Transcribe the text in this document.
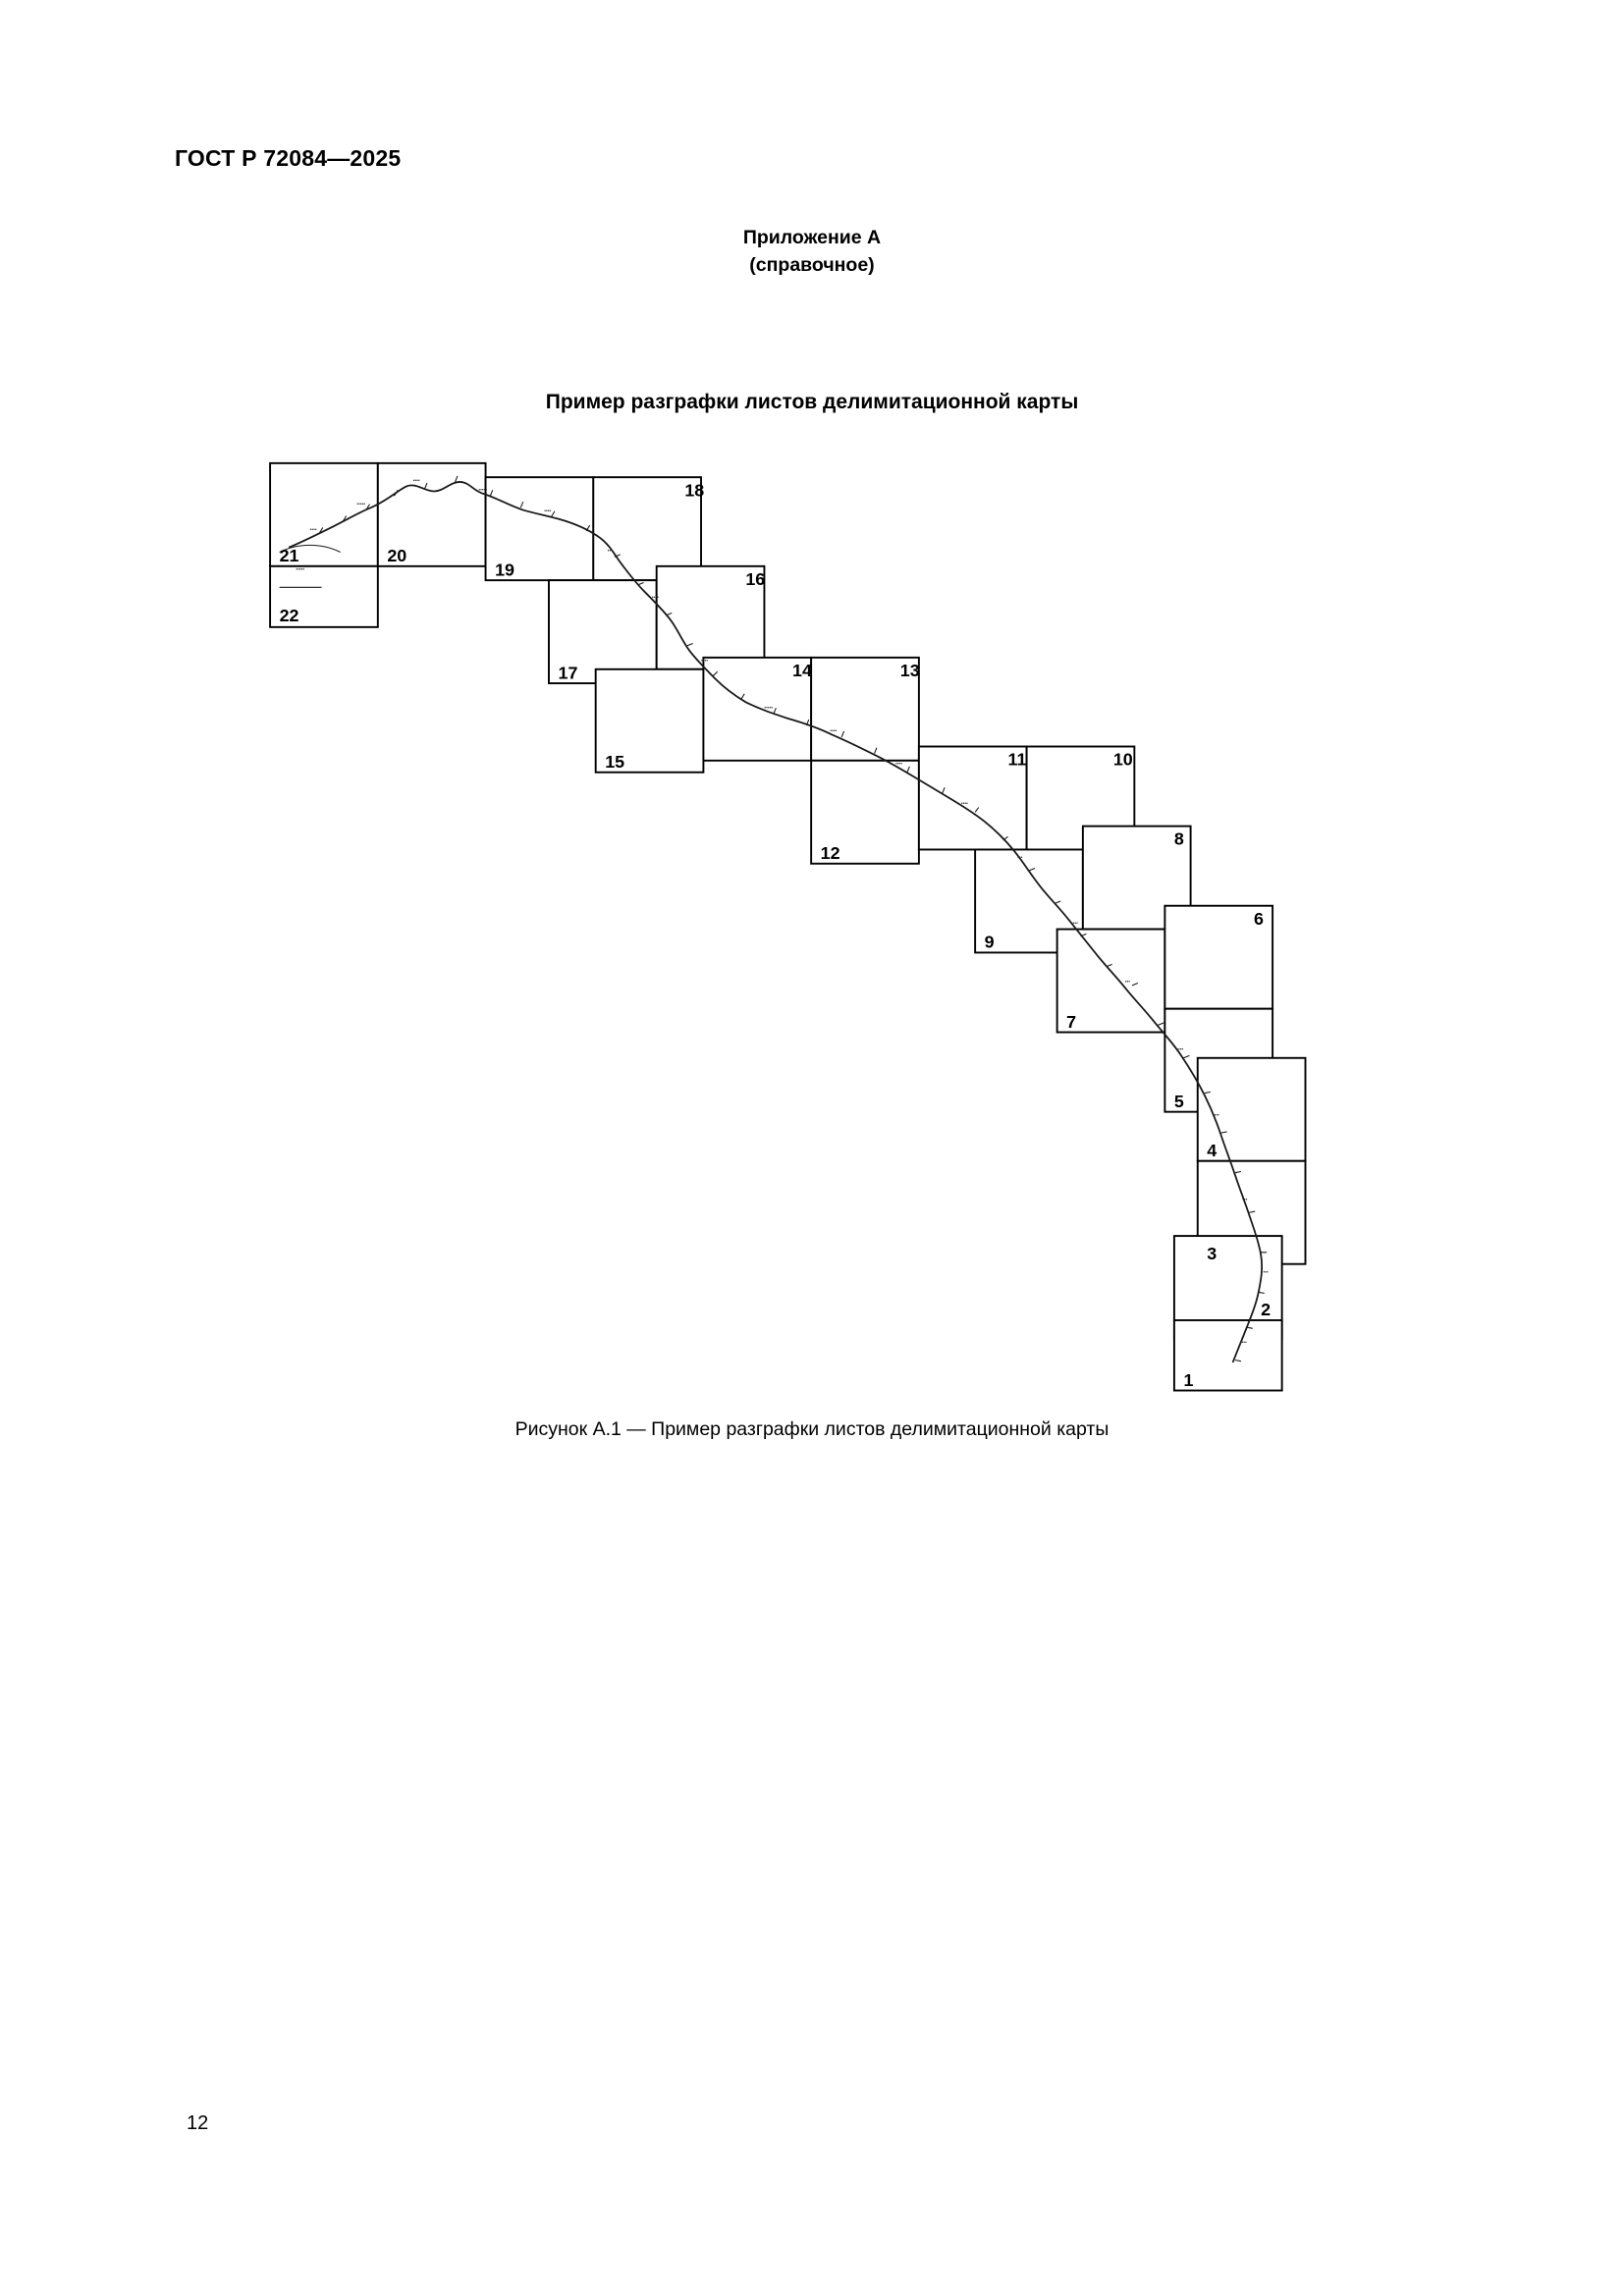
ГОСТ Р 72084—2025
Приложение А
(справочное)
Пример разграфки листов делимитационной карты
••••
•••••
••••
•••••
••••
•••
••••
••••
•••••
••••
••••
••••
•••
••••
•••
••••
•••
•••
•••
••••
•••••
21
22
20
19
18
17
16
15
14	13
12
11	10
9
8
7
6
5
4
3
2
1
Рисунок А.1 — Пример разграфки листов делимитационной карты
12
